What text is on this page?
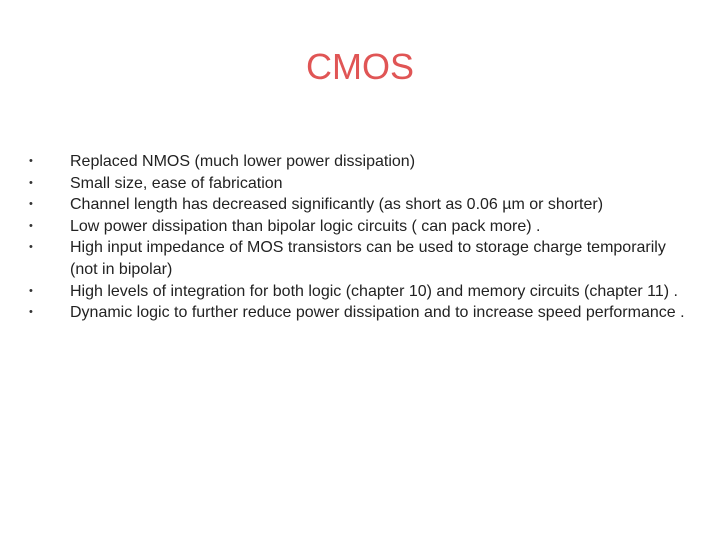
CMOS
• Replaced NMOS (much lower power dissipation)
• Small size, ease of fabrication
• Channel length has decreased significantly (as short as 0.06 µm or shorter)
• Low power dissipation than bipolar logic circuits ( can pack more) .
• High input impedance of MOS transistors can be used to storage charge temporarily (not in bipolar)
• High levels of integration for both logic (chapter 10) and memory circuits (chapter 11) .
• Dynamic logic to further reduce power dissipation and to increase speed performance .
